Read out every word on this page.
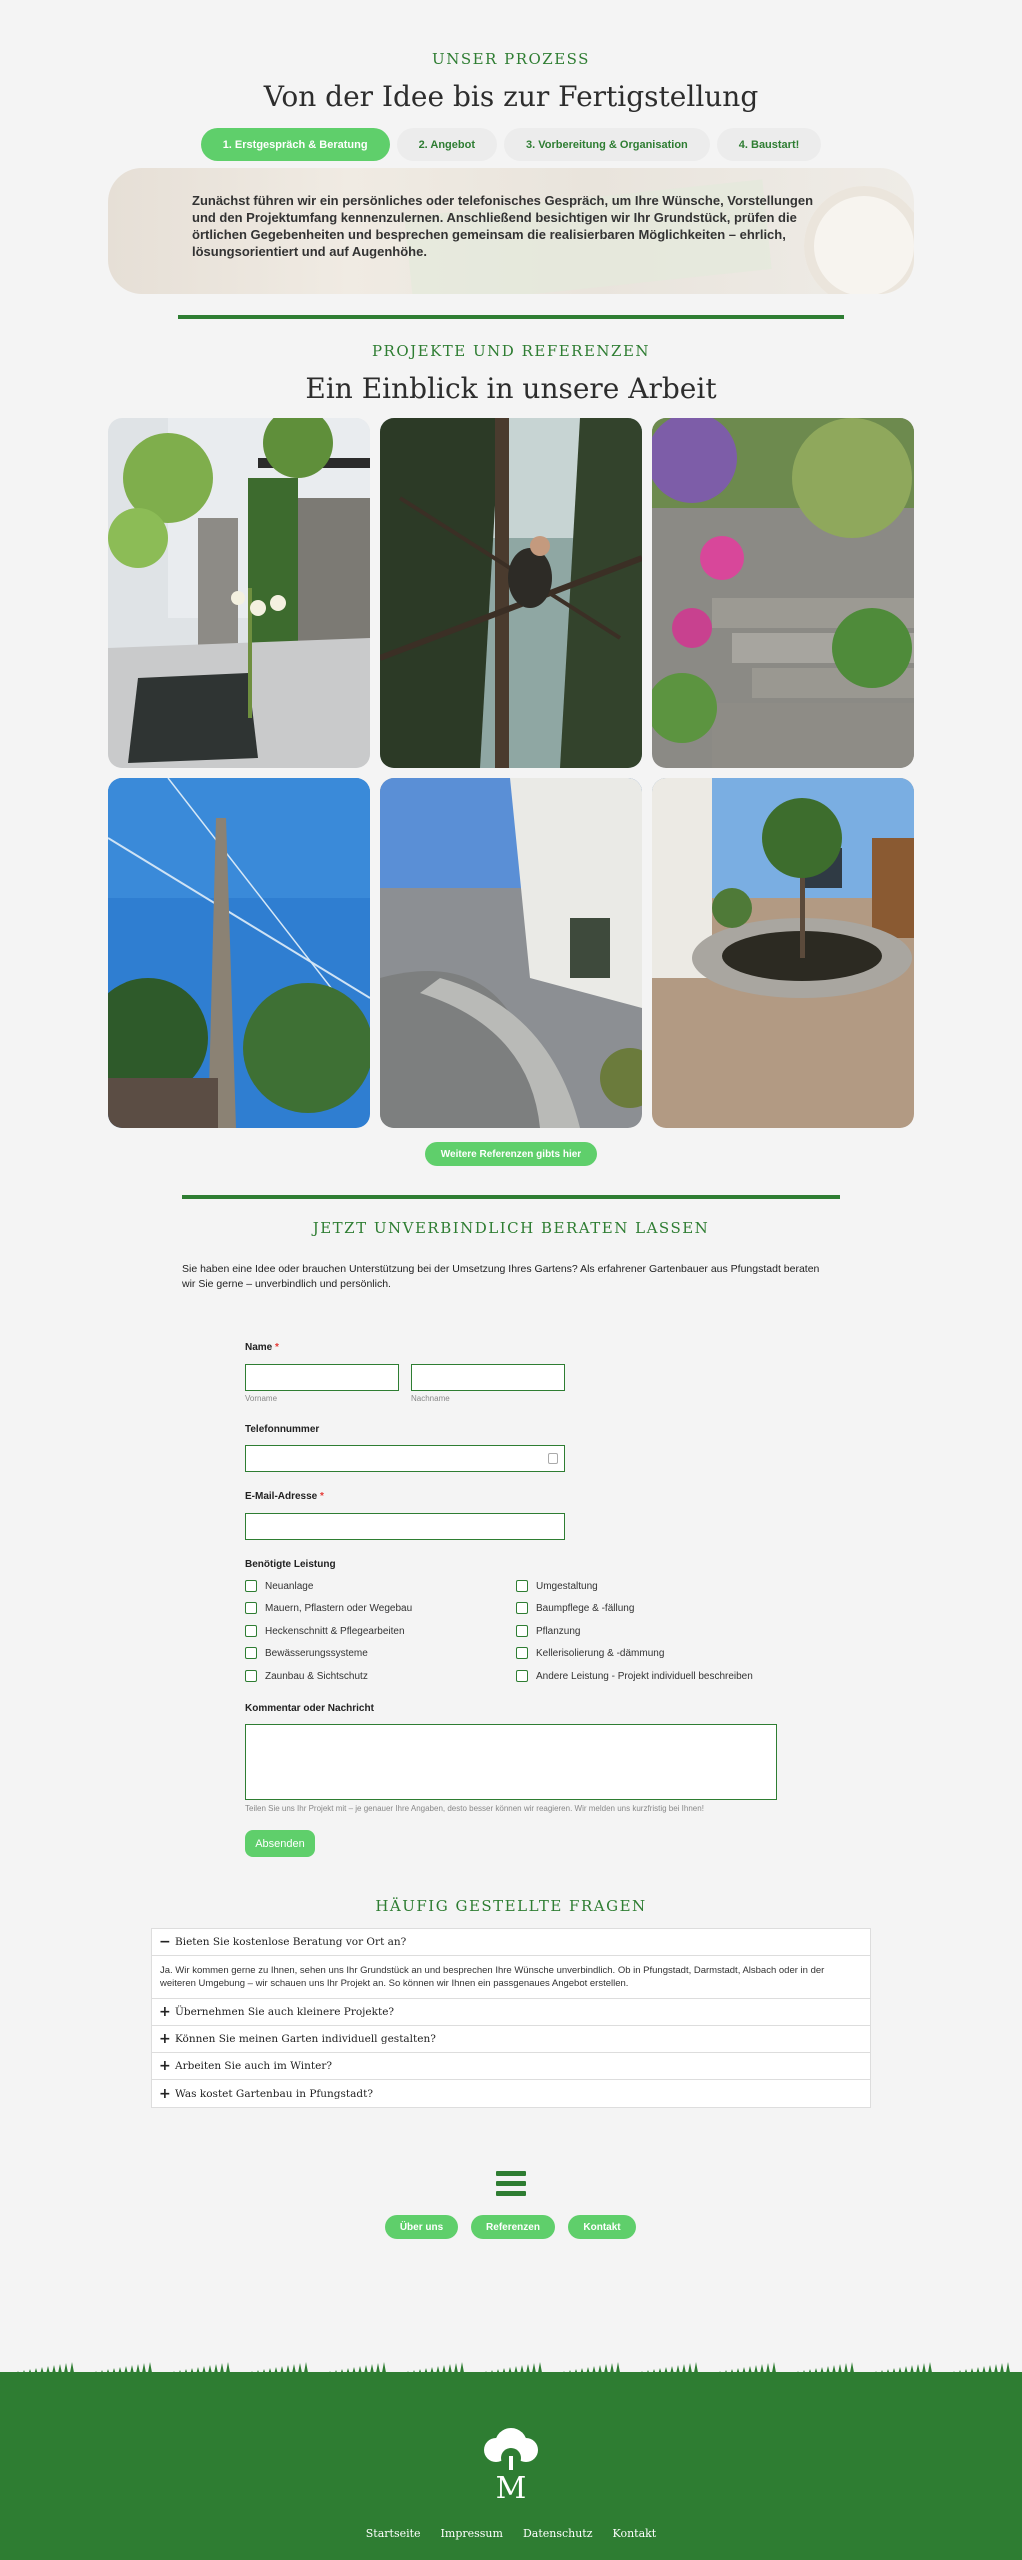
UNSER PROZESS
Von der Idee bis zur Fertigstellung
1. Erstgespräch & Beratung	2. Angebot	3. Vorbereitung & Organisation	4. Baustart!
Zunächst führen wir ein persönliches oder telefonisches Gespräch, um Ihre Wünsche, Vorstellungen und den Projektumfang kennenzulernen. Anschließend besichtigen wir Ihr Grundstück, prüfen die örtlichen Gegebenheiten und besprechen gemeinsam die realisierbaren Möglichkeiten – ehrlich, lösungsorientiert und auf Augenhöhe.
PROJEKTE UND REFERENZEN
Ein Einblick in unsere Arbeit
Weitere Referenzen gibts hier
JETZT UNVERBINDLICH BERATEN LASSEN
Sie haben eine Idee oder brauchen Unterstützung bei der Umsetzung Ihres Gartens? Als erfahrener Gartenbauer aus Pfungstadt beraten wir Sie gerne – unverbindlich und persönlich.
Name *
Vorname	Nachname
Telefonnummer
E-Mail-Adresse *
Benötigte Leistung
Neuanlage
Mauern, Pflastern oder Wegebau
Heckenschnitt & Pflegearbeiten
Bewässerungssysteme
Zaunbau & Sichtschutz
Umgestaltung
Baumpflege & -fällung
Pflanzung
Kellerisolierung & -dämmung
Andere Leistung - Projekt individuell beschreiben
Kommentar oder Nachricht
Teilen Sie uns Ihr Projekt mit – je genauer Ihre Angaben, desto besser können wir reagieren. Wir melden uns kurzfristig bei Ihnen!
Absenden
HÄUFIG GESTELLTE FRAGEN
− Bieten Sie kostenlose Beratung vor Ort an?
Ja. Wir kommen gerne zu Ihnen, sehen uns Ihr Grundstück an und besprechen Ihre Wünsche unverbindlich. Ob in Pfungstadt, Darmstadt, Alsbach oder in der weiteren Umgebung – wir schauen uns Ihr Projekt an. So können wir Ihnen ein passgenaues Angebot erstellen.
+ Übernehmen Sie auch kleinere Projekte?
+ Können Sie meinen Garten individuell gestalten?
+ Arbeiten Sie auch im Winter?
+ Was kostet Gartenbau in Pfungstadt?
Über uns	Referenzen	Kontakt
M
Startseite Impressum Datenschutz Kontakt
